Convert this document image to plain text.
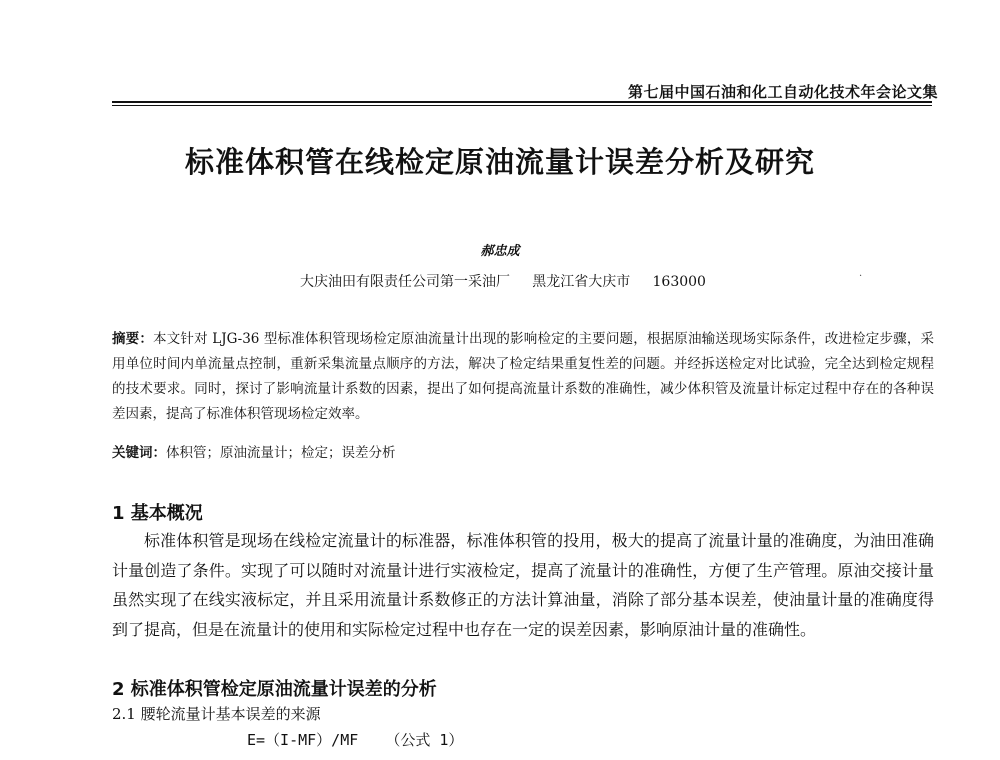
第七届中国石油和化工自动化技术年会论文集
标准体积管在线检定原油流量计误差分析及研究
郝忠成
大庆油田有限责任公司第一采油厂     黑龙江省大庆市     163000	·
摘要：本文针对 LJG-36 型标准体积管现场检定原油流量计出现的影响检定的主要问题，根据原油输送现场实际条件，改进检定步骤，采用单位时间内单流量点控制，重新采集流量点顺序的方法，解决了检定结果重复性差的问题。并经拆送检定对比试验，完全达到检定规程的技术要求。同时，探讨了影响流量计系数的因素，提出了如何提高流量计系数的准确性，减少体积管及流量计标定过程中存在的各种误差因素，提高了标准体积管现场检定效率。
关键词：体积管；原油流量计；检定；误差分析
1 基本概况
标准体积管是现场在线检定流量计的标准器，标准体积管的投用，极大的提高了流量计量的准确度，为油田准确计量创造了条件。实现了可以随时对流量计进行实液检定，提高了流量计的准确性，方便了生产管理。原油交接计量虽然实现了在线实液标定，并且采用流量计系数修正的方法计算油量，消除了部分基本误差，使油量计量的准确度得到了提高，但是在流量计的使用和实际检定过程中也存在一定的误差因素，影响原油计量的准确性。
2 标准体积管检定原油流量计误差的分析
2.1 腰轮流量计基本误差的来源
E=（I-MF）/MF   （公式 1）
